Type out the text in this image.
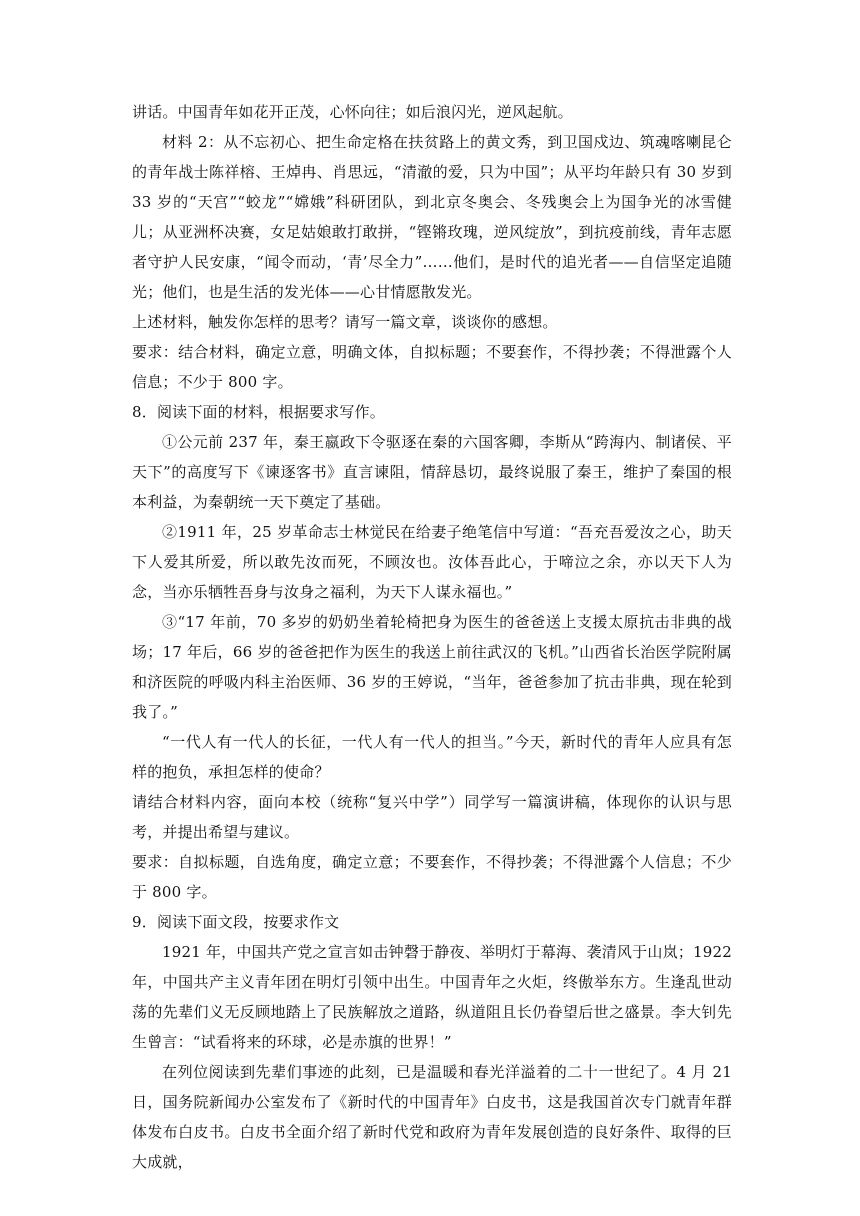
讲话。中国青年如花开正茂，心怀向往；如后浪闪光，逆风起航。

材料 2：从不忘初心、把生命定格在扶贫路上的黄文秀，到卫国戍边、筑魂喀喇昆仑的青年战士陈祥榕、王焯冉、肖思远，“清澈的爱，只为中国”；从平均年龄只有 30 岁到 33 岁的“天宫”“蛟龙”“嫦娥”科研团队，到北京冬奥会、冬残奥会上为国争光的冰雪健儿；从亚洲杯决赛，女足姑娘敢打敢拼，“铿锵玫瑰，逆风绽放”，到抗疫前线，青年志愿者守护人民安康，“闻令而动，‘青’尽全力”……他们，是时代的追光者——自信坚定追随光；他们，也是生活的发光体——心甘情愿散发光。

上述材料，触发你怎样的思考？请写一篇文章，谈谈你的感想。

要求：结合材料，确定立意，明确文体，自拟标题；不要套作，不得抄袭；不得泄露个人信息；不少于 800 字。

8．阅读下面的材料，根据要求写作。

①公元前 237 年，秦王嬴政下令驱逐在秦的六国客卿，李斯从“跨海内、制诸侯、平天下”的高度写下《谏逐客书》直言谏阻，情辞恳切，最终说服了秦王，维护了秦国的根本利益，为秦朝统一天下奠定了基础。

②1911 年，25 岁革命志士林觉民在给妻子绝笔信中写道：“吾充吾爱汝之心，助天下人爱其所爱，所以敢先汝而死，不顾汝也。汝体吾此心，于啼泣之余，亦以天下人为念，当亦乐牺牲吾身与汝身之福利，为天下人谋永福也。”

③“17 年前，70 多岁的奶奶坐着轮椅把身为医生的爸爸送上支援太原抗击非典的战场；17 年后，66 岁的爸爸把作为医生的我送上前往武汉的飞机。”山西省长治医学院附属和济医院的呼吸内科主治医师、36 岁的王婷说，“当年，爸爸参加了抗击非典，现在轮到我了。”

“一代人有一代人的长征，一代人有一代人的担当。”今天，新时代的青年人应具有怎样的抱负，承担怎样的使命？

请结合材料内容，面向本校（统称“复兴中学”）同学写一篇演讲稿，体现你的认识与思考，并提出希望与建议。

要求：自拟标题，自选角度，确定立意；不要套作，不得抄袭；不得泄露个人信息；不少于 800 字。

9．阅读下面文段，按要求作文

1921 年，中国共产党之宣言如击钟磬于静夜、举明灯于幕海、袭清风于山岚；1922 年，中国共产主义青年团在明灯引领中出生。中国青年之火炬，终傲举东方。生逢乱世动荡的先辈们义无反顾地踏上了民族解放之道路，纵道阻且长仍眷望后世之盛景。李大钊先生曾言：“试看将来的环球，必是赤旗的世界！”

在列位阅读到先辈们事迹的此刻，已是温暖和春光洋溢着的二十一世纪了。4 月 21 日，国务院新闻办公室发布了《新时代的中国青年》白皮书，这是我国首次专门就青年群体发布白皮书。白皮书全面介绍了新时代党和政府为青年发展创造的良好条件、取得的巨大成就，
